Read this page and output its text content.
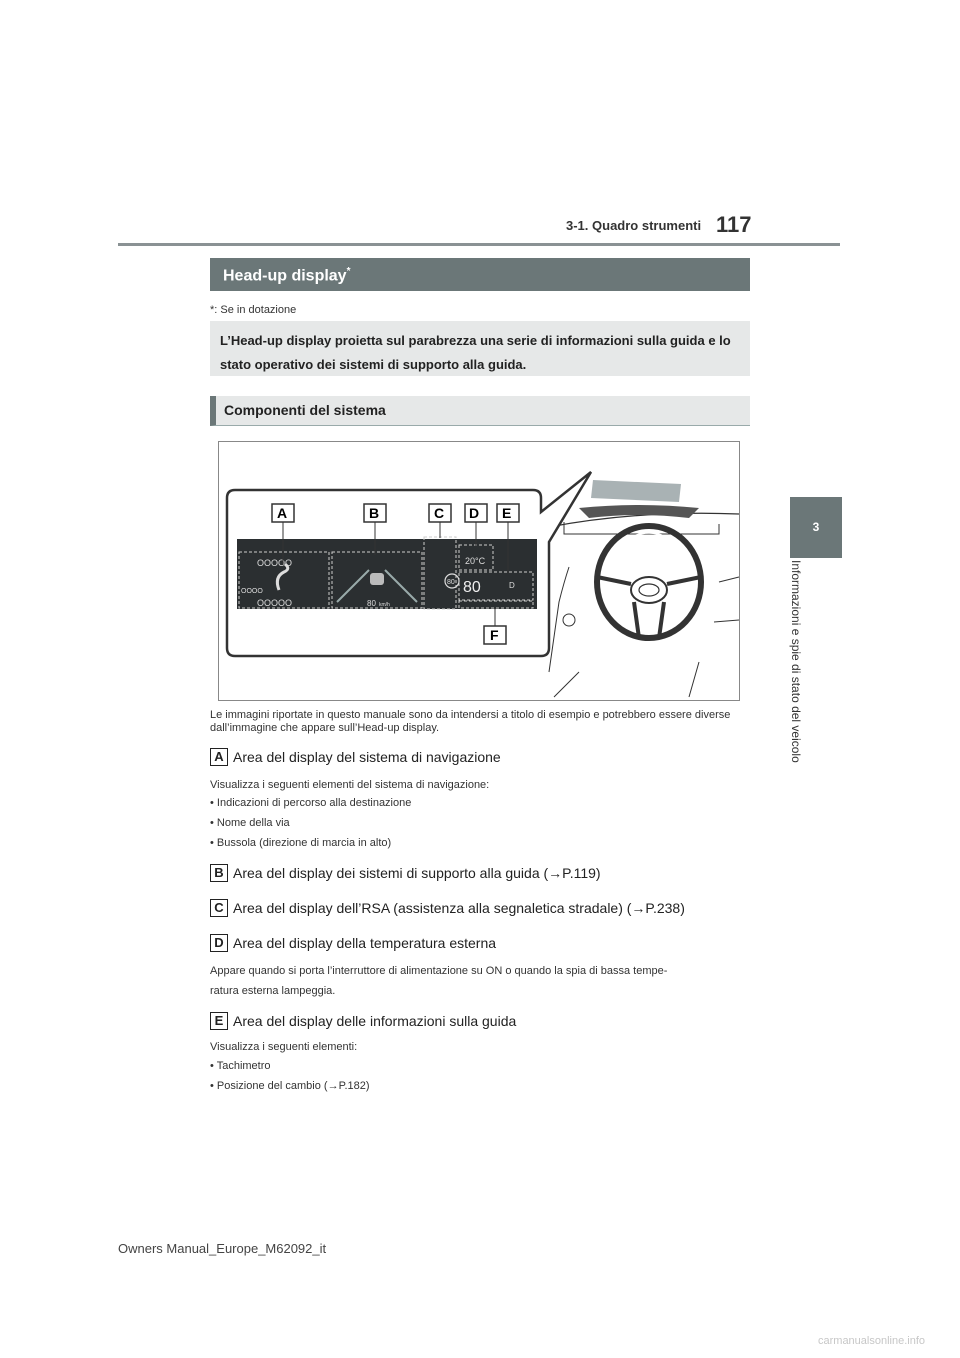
3-1. Quadro strumenti 117
3
Informazioni e spie di stato del veicolo
Head-up display*
*: Se in dotazione
L’Head-up display proietta sul parabrezza una serie di informazioni sulla guida e lo stato operativo dei sistemi di supporto alla guida.
Componenti del sistema
OOOOO
OOOOO
OOOO
80 km/h
80
20°C
80	D
A	B	C D E
F
Le immagini riportate in questo manuale sono da intendersi a titolo di esempio e potrebbero essere diverse dall’immagine che appare sull’Head-up display.
A Area del display del sistema di navigazione
Visualizza i seguenti elementi del sistema di navigazione:
• Indicazioni di percorso alla destinazione
• Nome della via
• Bussola (direzione di marcia in alto)
B Area del display dei sistemi di supporto alla guida (→P.119)
C Area del display dell’RSA (assistenza alla segnaletica stradale) (→P.238)
D Area del display della temperatura esterna
Appare quando si porta l’interruttore di alimentazione su ON o quando la spia di bassa tempe-
ratura esterna lampeggia.
E Area del display delle informazioni sulla guida
Visualizza i seguenti elementi:
• Tachimetro
• Posizione del cambio (→P.182)
Owners Manual_Europe_M62092_it
carmanualsonline.info
